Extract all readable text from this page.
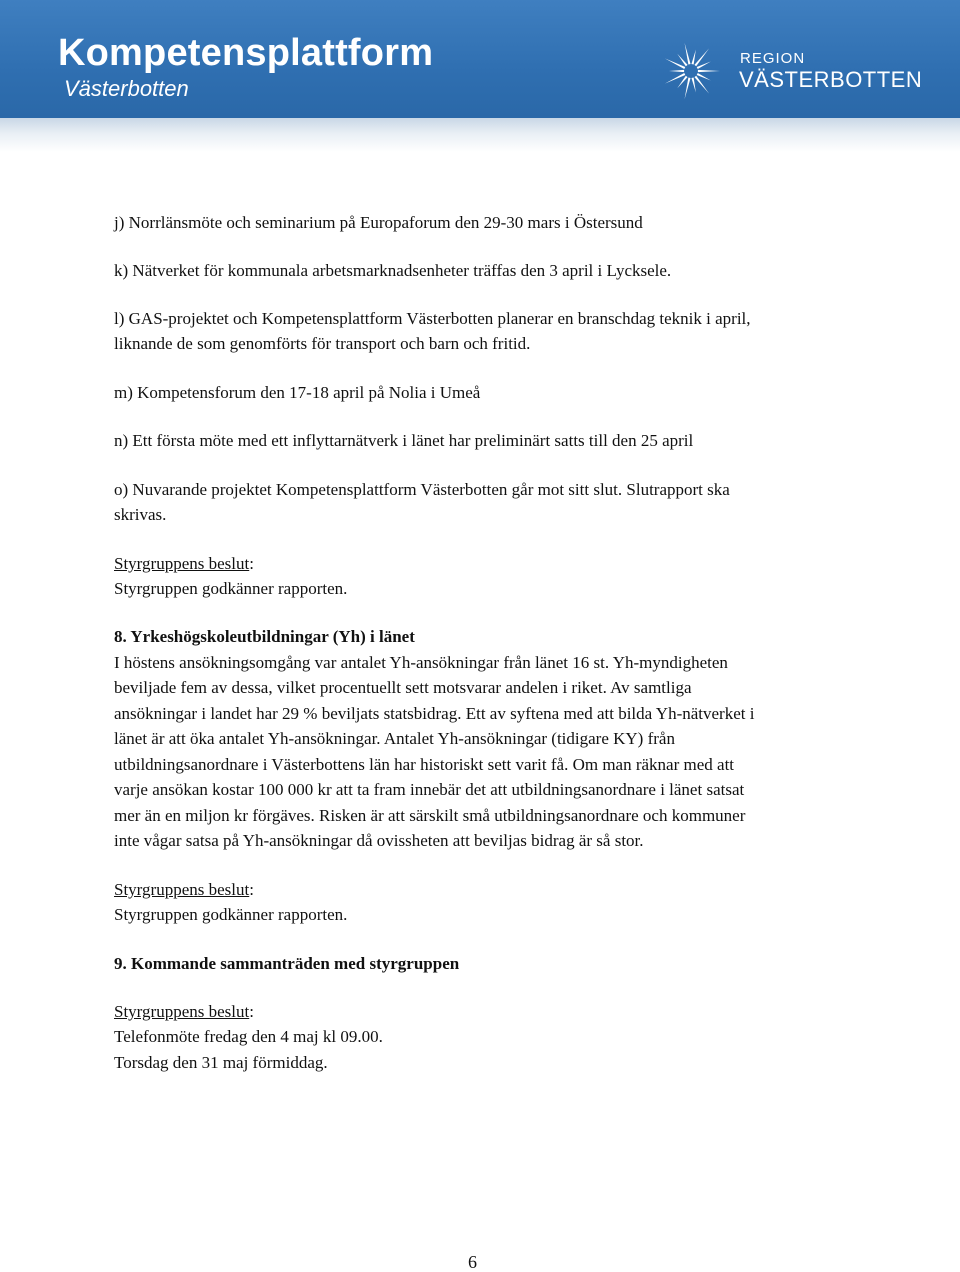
Kompetensplattform
Västerbotten
REGION
VÄSTERBOTTEN

j) Norrlänsmöte och seminarium på Europaforum den 29-30 mars i Östersund

k) Nätverket för kommunala arbetsmarknadsenheter träffas den 3 april i Lycksele.

l) GAS-projektet och Kompetensplattform Västerbotten planerar en branschdag teknik i april,

liknande de som genomförts för transport och barn och fritid.

m) Kompetensforum den 17-18 april på Nolia i Umeå

n) Ett första möte med ett inflyttarnätverk i länet har preliminärt satts till den 25 april

o) Nuvarande projektet Kompetensplattform Västerbotten går mot sitt slut. Slutrapport ska

skrivas.

Styrgruppens beslut:

Styrgruppen godkänner rapporten.

8. Yrkeshögskoleutbildningar (Yh) i länet

I höstens ansökningsomgång var antalet Yh-ansökningar från länet 16 st. Yh-myndigheten

beviljade fem av dessa, vilket procentuellt sett motsvarar andelen i riket. Av samtliga

ansökningar i landet har 29 % beviljats statsbidrag. Ett av syftena med att bilda Yh-nätverket i

länet är att öka antalet Yh-ansökningar. Antalet Yh-ansökningar (tidigare KY) från

utbildningsanordnare i Västerbottens län har historiskt sett varit få. Om man räknar med att

varje ansökan kostar 100 000 kr att ta fram innebär det att utbildningsanordnare i länet satsat

mer än en miljon kr förgäves. Risken är att särskilt små utbildningsanordnare och kommuner

inte vågar satsa på Yh-ansökningar då ovissheten att beviljas bidrag är så stor.

Styrgruppens beslut:

Styrgruppen godkänner rapporten.

9. Kommande sammanträden med styrgruppen

Styrgruppens beslut:

Telefonmöte fredag den 4 maj kl 09.00.

Torsdag den 31 maj förmiddag.

6
